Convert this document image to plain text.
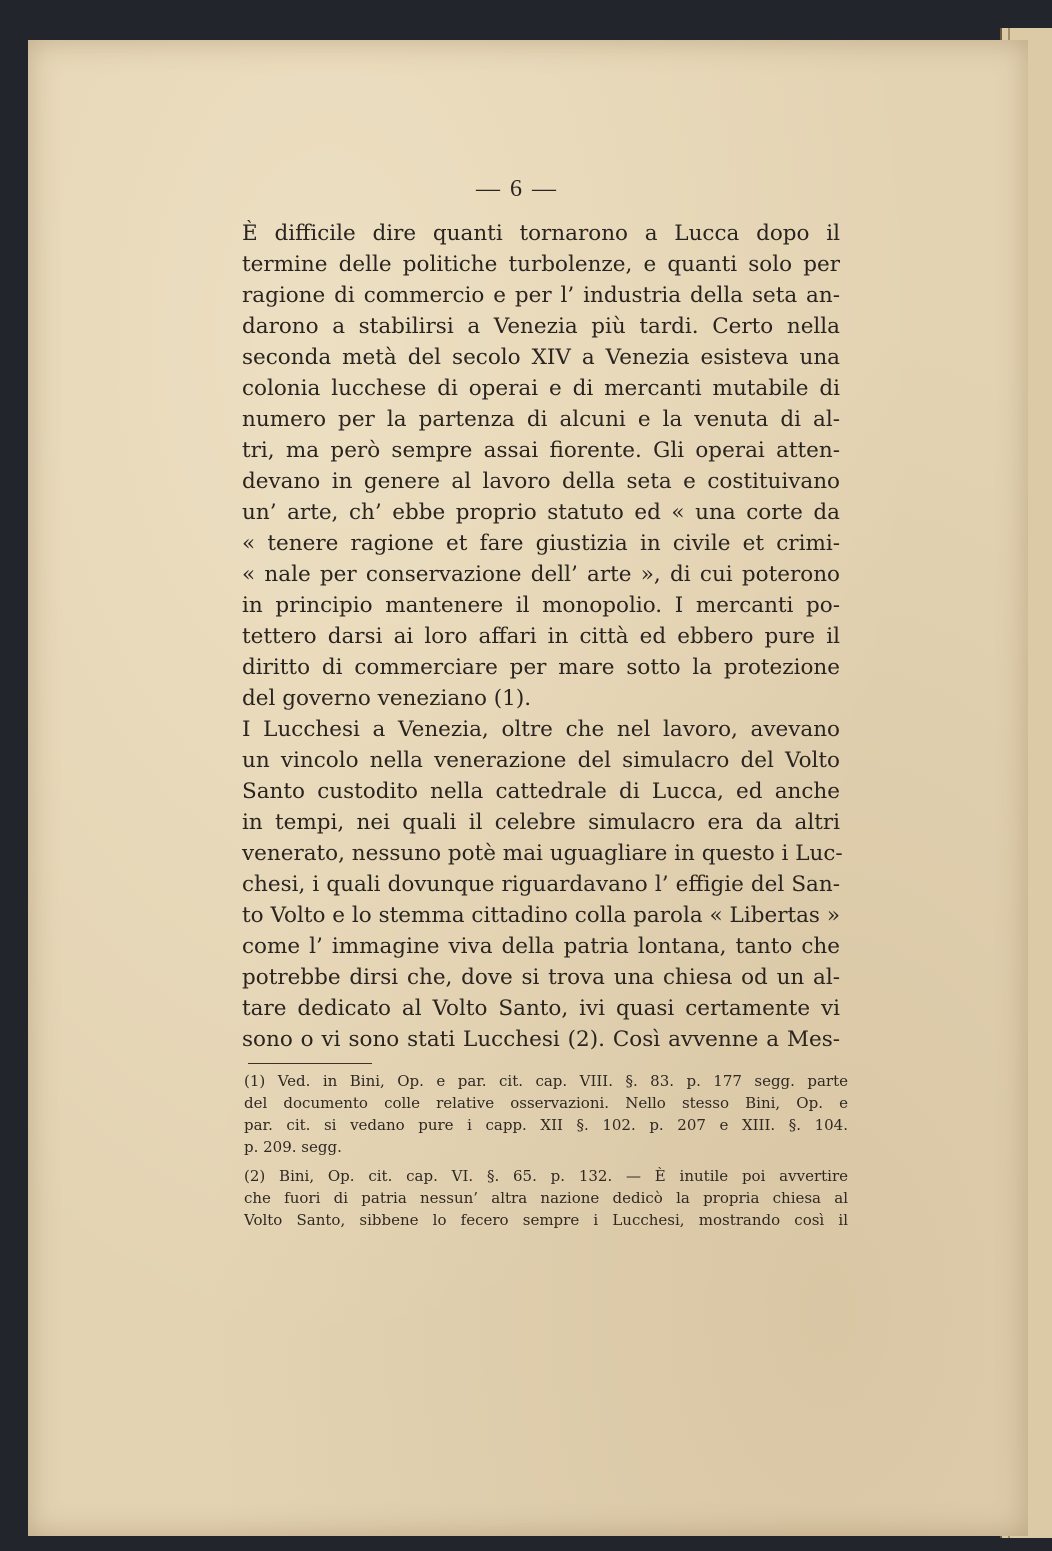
— 6 —
È difficile dire quanti tornarono a Lucca dopo il
termine delle politiche turbolenze, e quanti solo per
ragione di commercio e per l’ industria della seta an-
darono a stabilirsi a Venezia più tardi. Certo nella
seconda metà del secolo XIV a Venezia esisteva una
colonia lucchese di operai e di mercanti mutabile di
numero per la partenza di alcuni e la venuta di al-
tri, ma però sempre assai fiorente. Gli operai atten-
devano in genere al lavoro della seta e costituivano
un’ arte, ch’ ebbe proprio statuto ed « una corte da
« tenere ragione et fare giustizia in civile et crimi-
« nale per conservazione dell’ arte », di cui poterono
in principio mantenere il monopolio. I mercanti po-
tettero darsi ai loro affari in città ed ebbero pure il
diritto di commerciare per mare sotto la protezione
del governo veneziano (1).
I Lucchesi a Venezia, oltre che nel lavoro, avevano
un vincolo nella venerazione del simulacro del Volto
Santo custodito nella cattedrale di Lucca, ed anche
in tempi, nei quali il celebre simulacro era da altri
venerato, nessuno potè mai uguagliare in questo i Luc-
chesi, i quali dovunque riguardavano l’ effigie del San-
to Volto e lo stemma cittadino colla parola « Libertas »
come l’ immagine viva della patria lontana, tanto che
potrebbe dirsi che, dove si trova una chiesa od un al-
tare dedicato al Volto Santo, ivi quasi certamente vi
sono o vi sono stati Lucchesi (2). Così avvenne a Mes-
(1) Ved. in Bini, Op. e par. cit. cap. VIII. §. 83. p. 177 segg. parte
del documento colle relative osservazioni. Nello stesso Bini, Op. e
par. cit. si vedano pure i capp. XII §. 102. p. 207 e XIII. §. 104.
p. 209. segg.
(2) Bini, Op. cit. cap. VI. §. 65. p. 132. — È inutile poi avvertire
che fuori di patria nessun’ altra nazione dedicò la propria chiesa al
Volto Santo, sibbene lo fecero sempre i Lucchesi, mostrando così il
